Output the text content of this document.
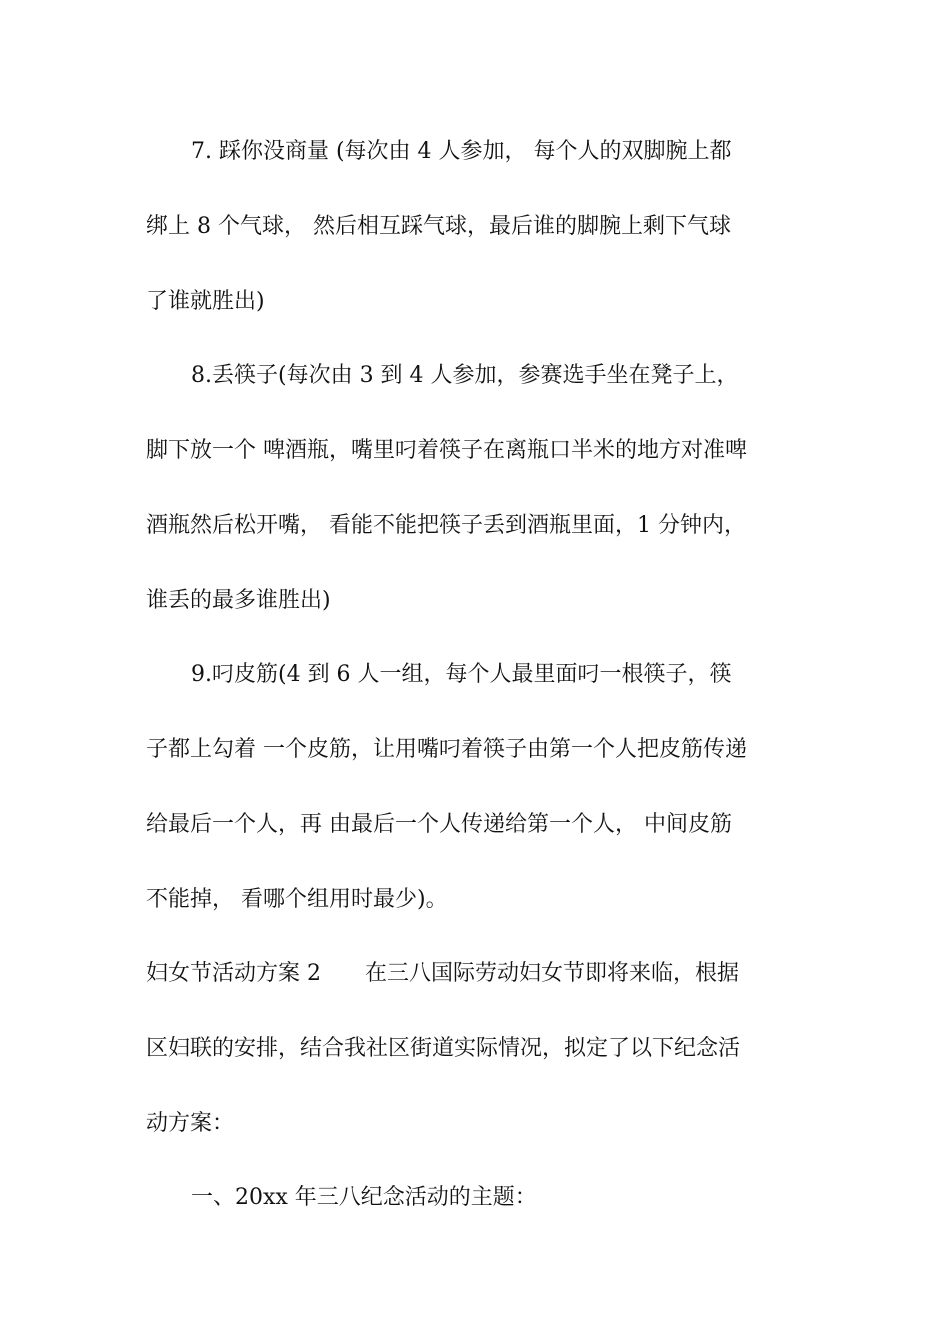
7. 踩你没商量 (每次由 4 人参加， 每个人的双脚腕上都
绑上 8 个气球， 然后相互踩气球，最后谁的脚腕上剩下气球
了谁就胜出)
8.丢筷子(每次由 3 到 4 人参加，参赛选手坐在凳子上，
脚下放一个 啤酒瓶，嘴里叼着筷子在离瓶口半米的地方对准啤
酒瓶然后松开嘴， 看能不能把筷子丢到酒瓶里面，1 分钟内，
谁丢的最多谁胜出)
9.叼皮筋(4 到 6 人一组，每个人最里面叼一根筷子，筷
子都上勾着 一个皮筋，让用嘴叼着筷子由第一个人把皮筋传递
给最后一个人，再 由最后一个人传递给第一个人， 中间皮筋
不能掉， 看哪个组用时最少)。
妇女节活动方案 2　　在三八国际劳动妇女节即将来临，根据
区妇联的安排，结合我社区街道实际情况，拟定了以下纪念活
动方案：
一、20xx 年三八纪念活动的主题：
